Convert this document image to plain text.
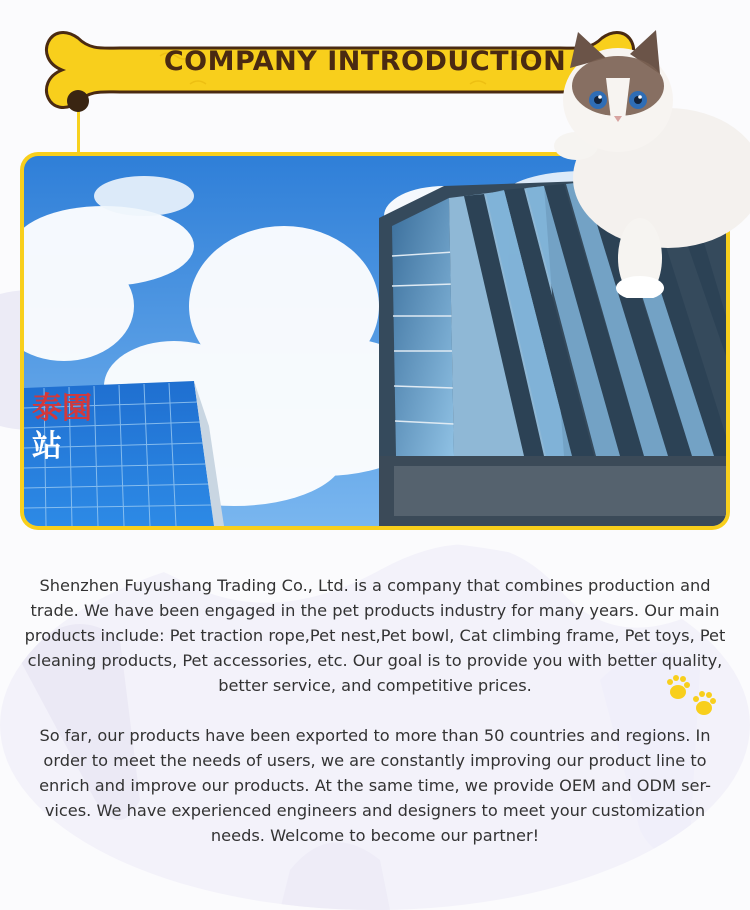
COMPANY INTRODUCTION
泰園
站
Shenzhen Fuyushang Trading Co., Ltd. is a company that combines production and trade. We have been engaged in the pet products industry for many years. Our main products include: Pet traction rope,Pet nest,Pet bowl, Cat climbing frame, Pet toys, Pet cleaning products, Pet accessories, etc. Our goal is to provide you with better quality, better service, and competitive prices.
So far, our products have been exported to more than 50 countries and regions. In order to meet the needs of users, we are constantly improving our product line to enrich and improve our products. At the same time, we provide OEM and ODM ser-vices. We have experienced engineers and designers to meet your customization needs. Welcome to become our partner!
